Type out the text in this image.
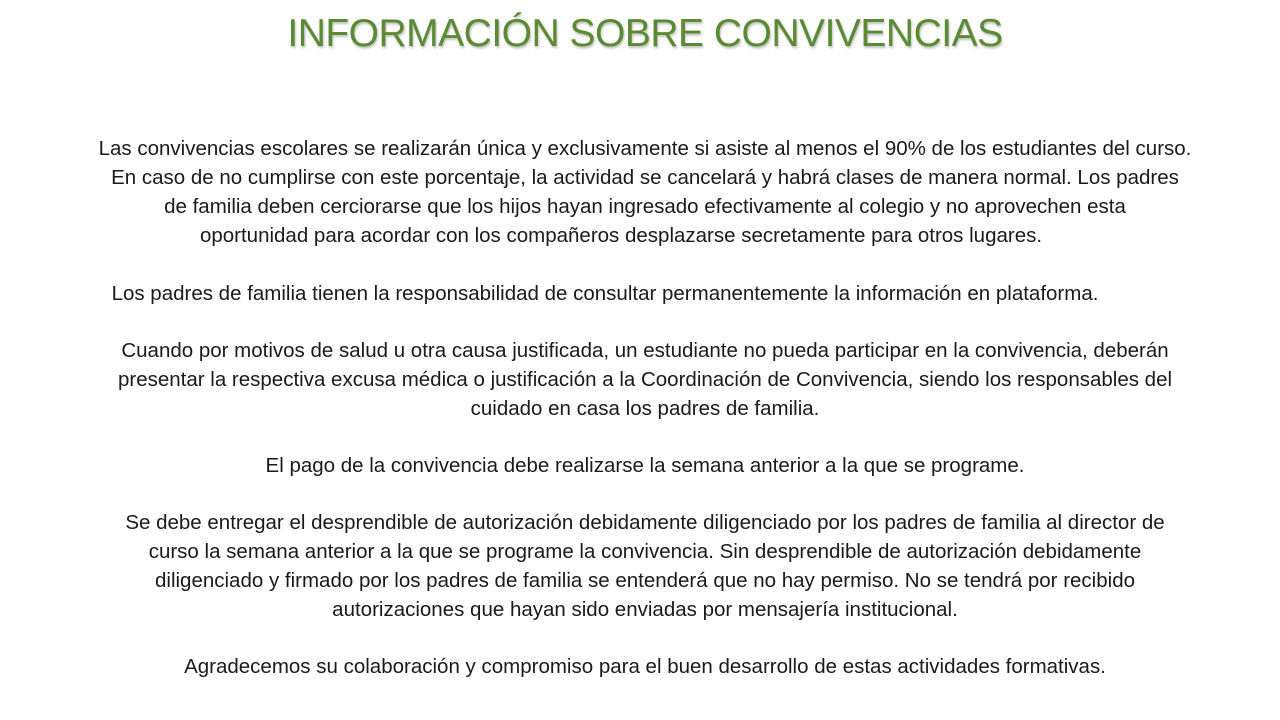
INFORMACIÓN SOBRE CONVIVENCIAS
Las convivencias escolares se realizarán única y exclusivamente si asiste al menos el 90% de los estudiantes del curso.
En caso de no cumplirse con este porcentaje, la actividad se cancelará y habrá clases de manera normal. Los padres
de familia deben cerciorarse que los hijos hayan ingresado efectivamente al colegio y no aprovechen esta
oportunidad para acordar con los compañeros desplazarse secretamente para otros lugares.
Los padres de familia tienen la responsabilidad de consultar permanentemente la información en plataforma.
Cuando por motivos de salud u otra causa justificada, un estudiante no pueda participar en la convivencia, deberán
presentar la respectiva excusa médica o justificación a la Coordinación de Convivencia, siendo los responsables del
cuidado en casa los padres de familia.
El pago de la convivencia debe realizarse la semana anterior a la que se programe.
Se debe entregar el desprendible de autorización debidamente diligenciado por los padres de familia al director de
curso la semana anterior a la que se programe la convivencia. Sin desprendible de autorización debidamente
diligenciado y firmado por los padres de familia se entenderá que no hay permiso. No se tendrá por recibido
autorizaciones que hayan sido enviadas por mensajería institucional.
Agradecemos su colaboración y compromiso para el buen desarrollo de estas actividades formativas.
